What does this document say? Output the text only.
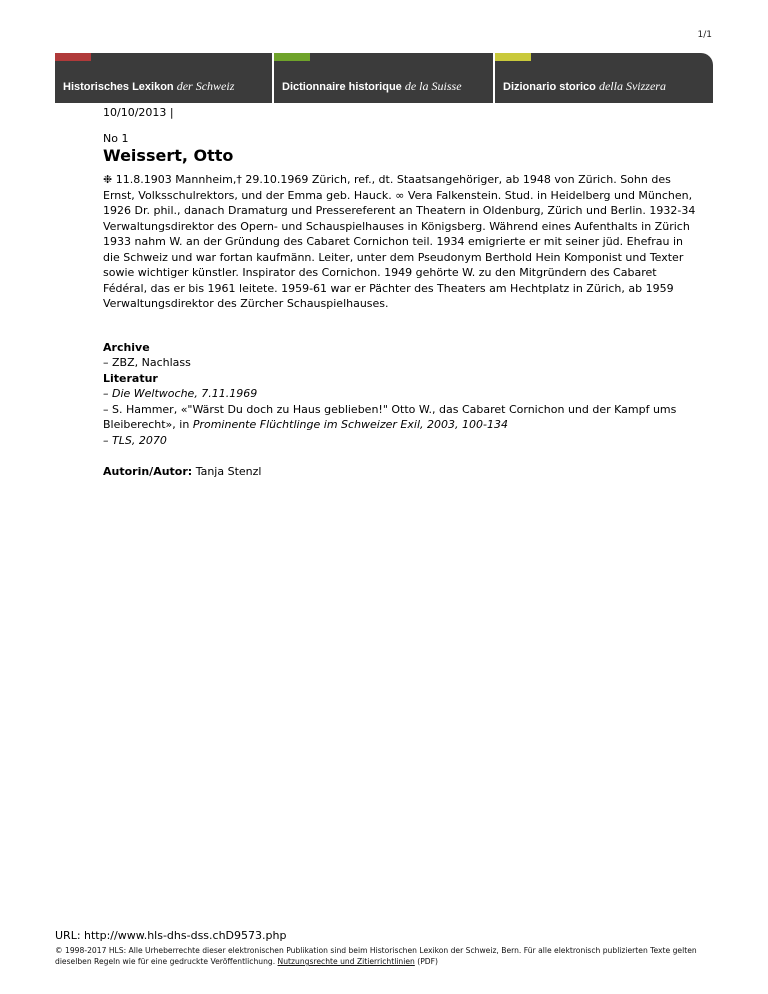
1/1
Historisches Lexikon der Schweiz	Dictionnaire historique de la Suisse	Dizionario storico della Svizzera
10/10/2013 |
No 1
Weissert, Otto

❉ 11.8.1903 Mannheim,† 29.10.1969 Zürich, ref., dt. Staatsangehöriger, ab 1948 von Zürich. Sohn des Ernst, Volksschulrektors, und der Emma geb. Hauck. ∞ Vera Falkenstein. Stud. in Heidelberg und München, 1926 Dr. phil., danach Dramaturg und Pressereferent an Theatern in Oldenburg, Zürich und Berlin. 1932-34 Verwaltungsdirektor des Opern- und Schauspielhauses in Königsberg. Während eines Aufenthalts in Zürich 1933 nahm W. an der Gründung des Cabaret Cornichon teil. 1934 emigrierte er mit seiner jüd. Ehefrau in die Schweiz und war fortan kaufmänn. Leiter, unter dem Pseudonym Berthold Hein Komponist und Texter sowie wichtiger künstler. Inspirator des Cornichon. 1949 gehörte W. zu den Mitgründern des Cabaret Fédéral, das er bis 1961 leitete. 1959-61 war er Pächter des Theaters am Hechtplatz in Zürich, ab 1959 Verwaltungsdirektor des Zürcher Schauspielhauses.

Archive
– ZBZ, Nachlass
Literatur
– Die Weltwoche, 7.11.1969
– S. Hammer, «"Wärst Du doch zu Haus geblieben!" Otto W., das Cabaret Cornichon und der Kampf ums Bleiberecht», in Prominente Flüchtlinge im Schweizer Exil, 2003, 100-134
– TLS, 2070
Autorin/Autor: Tanja Stenzl
URL: http://www.hls-dhs-dss.chD9573.php
© 1998-2017 HLS: Alle Urheberrechte dieser elektronischen Publikation sind beim Historischen Lexikon der Schweiz, Bern. Für alle elektronisch publizierten Texte gelten dieselben Regeln wie für eine gedruckte Veröffentlichung. Nutzungsrechte und Zitierrichtlinien (PDF)
